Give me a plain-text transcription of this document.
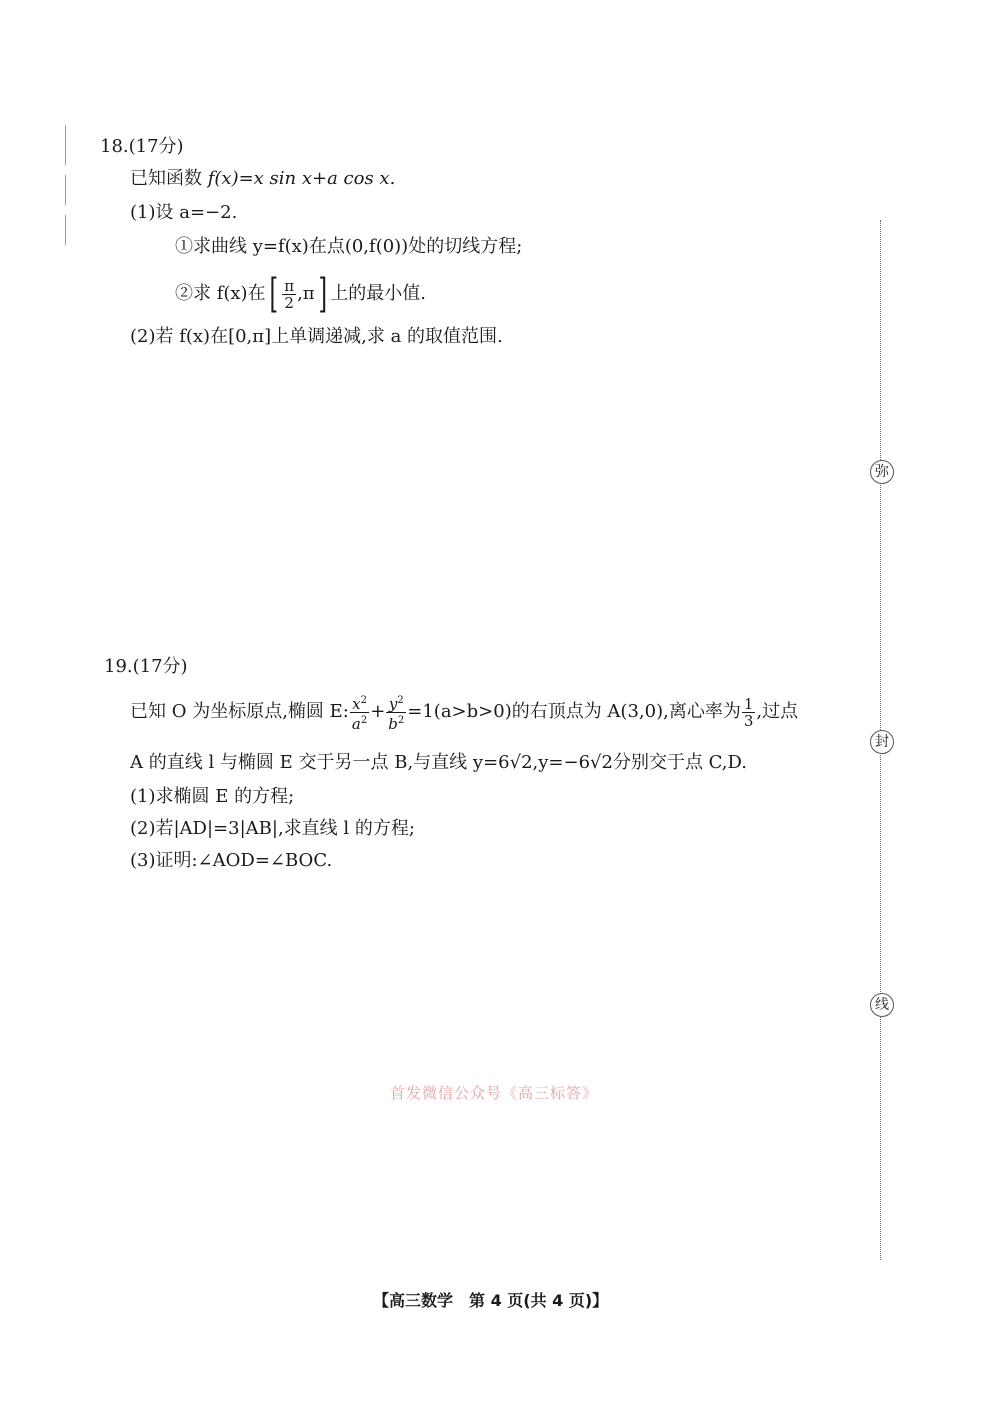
弥
封
线
18.(17分)
已知函数 f(x)=x sin x+a cos x.
(1)设 a=−2.
①求曲线 y=f(x)在点(0,f(0))处的切线方程;
②求 f(x)在 [ $\frac{\pi}{2} ,\pi$ ] 上的最小值.
(2)若 f(x)在[0,π]上单调递减,求 a 的取值范围.
19.(17分)
已知 O 为坐标原点,椭圆 E: $\frac{x^2}{a^2} + \frac{y^2}{b^2} =1(a>b>0)$的右顶点为 A(3,0),离心率为 $\frac{1}{3}$ ,过点
A 的直线 l 与椭圆 E 交于另一点 B,与直线 y=6√2,y=−6√2分别交于点 C,D.
(1)求椭圆 E 的方程;
(2)若|AD|=3|AB|,求直线 l 的方程;
(3)证明:∠AOD=∠BOC.
首发微信公众号《高三标答》
【高三数学　第 4 页(共 4 页)】
